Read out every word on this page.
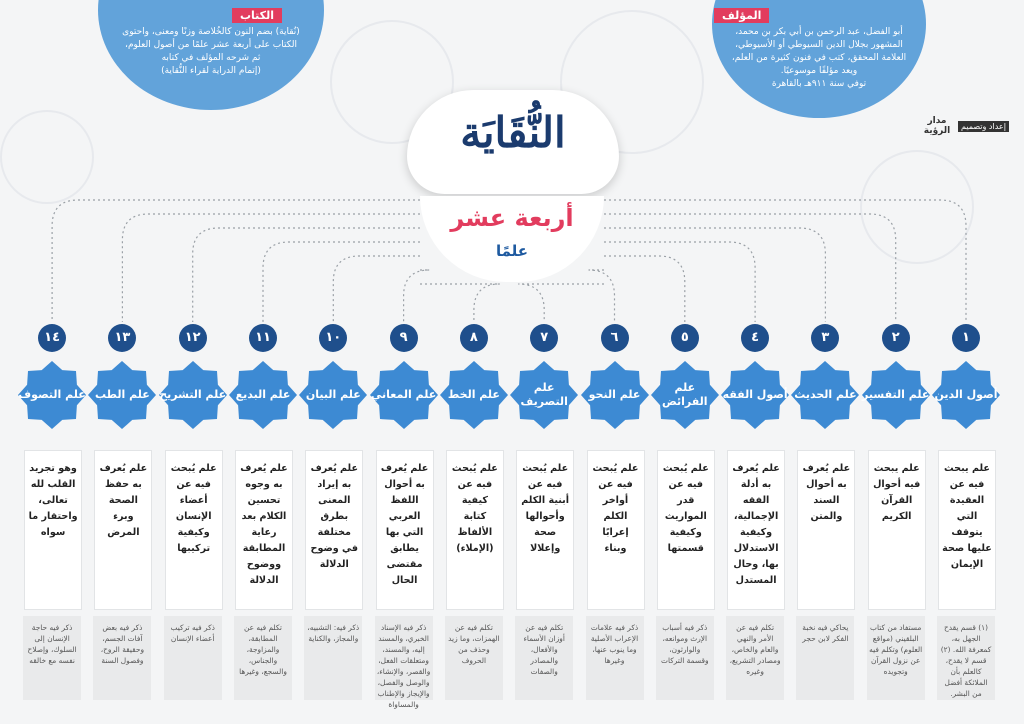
أبو الفضل، عبد الرحمن بن أبي بكر بن محمد،
المشهور بجلال الدين السيوطي أو الأسيوطي،
العلامة المحقق، كتب في فنون كثيرة من العلم،
ويعد مؤلفًا موسوعيًا.
توفي سنة ٩١١هـ بالقاهرة
المؤلف
(نُقاية) بضم النون كالخُلاصة وزنًا ومعنى، واحتوى
الكتاب على أربعة عشر علمًا من أصول العلوم،
ثم شرحه المؤلف في كتابه
(إتمام الدراية لقراء النُّقاية)
الكتاب
مدار الرؤية	إعداد وتصميم
النُّقَايَة
أربعة عشر
علمًا
١
أصول الدين
علم يبحث فيه عن العقيدة التي يتوقف عليها صحة الإيمان
(١) قسم يقدح الجهل به، كمعرفة الله. (٢) قسم لا يقدح، كالعلم بأن الملائكة أفضل من البشر.
٢
علم التفسير
علم يبحث فيه أحوال القرآن الكريم
مستفاد من كتاب البلقيني (مواقع العلوم) وتكلم فيه عن نزول القرآن وتجويده
٣
علم الحديث
علم يُعرف به أحوال السند والمتن
يحاكي فيه نخبة الفكر لابن حجر
٤
أصول الفقه
علم يُعرف به أدلة الفقه الإجمالية، وكيفية الاستدلال بها، وحال المستدل
تكلم فيه عن الأمر والنهي والعام والخاص، ومصادر التشريع، وغيره
٥
علم الفرائض
علم يُبحث فيه عن قدر المواريث وكيفية قسمتها
ذكر فيه أسباب الإرث وموانعه، والوارثون، وقسمة التركات
٦
علم النحو
علم يُبحث فيه عن أواخر الكلم إعرابًا وبناء
ذكر فيه علامات الإعراب الأصلية وما ينوب عنها، وغيرها
٧
علم التصريف
علم يُبحث فيه عن أبنية الكلم وأحوالها صحة وإعلالا
تكلم فيه عن أوزان الأسماء والأفعال، والمصادر والصفات
٨
علم الخط
علم يُبحث فيه عن كيفية كتابة الألفاظ (الإملاء)
تكلم فيه عن الهمزات، وما زيد وحذف من الحروف
٩
علم المعاني
علم يُعرف به أحوال اللفظ العربي التي بها يطابق مقتضى الحال
ذكر فيه الإسناد الخبري، والمسند إليه، والمسند، ومتعلقات الفعل، والقصر، والإنشاء، والوصل والفصل، والإيجاز والإطناب والمساواة
١٠
علم البيان
علم يُعرف به إيراد المعنى بطرق مختلفة في وضوح الدلالة
ذكر فيه: التشبيه، والمجاز، والكناية
١١
علم البديع
علم يُعرف به وجوه تحسين الكلام بعد رعاية المطابقة ووضوح الدلالة
تكلم فيه عن المطابقة، والمزاوجة، والجناس، والسجع، وغيرها
١٢
علم التشريح
علم يُبحث فيه عن أعضاء الإنسان وكيفية تركيبها
ذكر فيه تركيب أعضاء الإنسان
١٣
علم الطب
علم يُعرف به حفظ الصحة وبرء المرض
ذكر فيه بعض آفات الجسم، وحقيقة الروح، وفصول السنة
١٤
علم التصوف
وهو تجريد القلب لله تعالى، واحتقار ما سواه
ذكر فيه حاجة الإنسان إلى السلوك، وإصلاح نفسه مع خالقه
